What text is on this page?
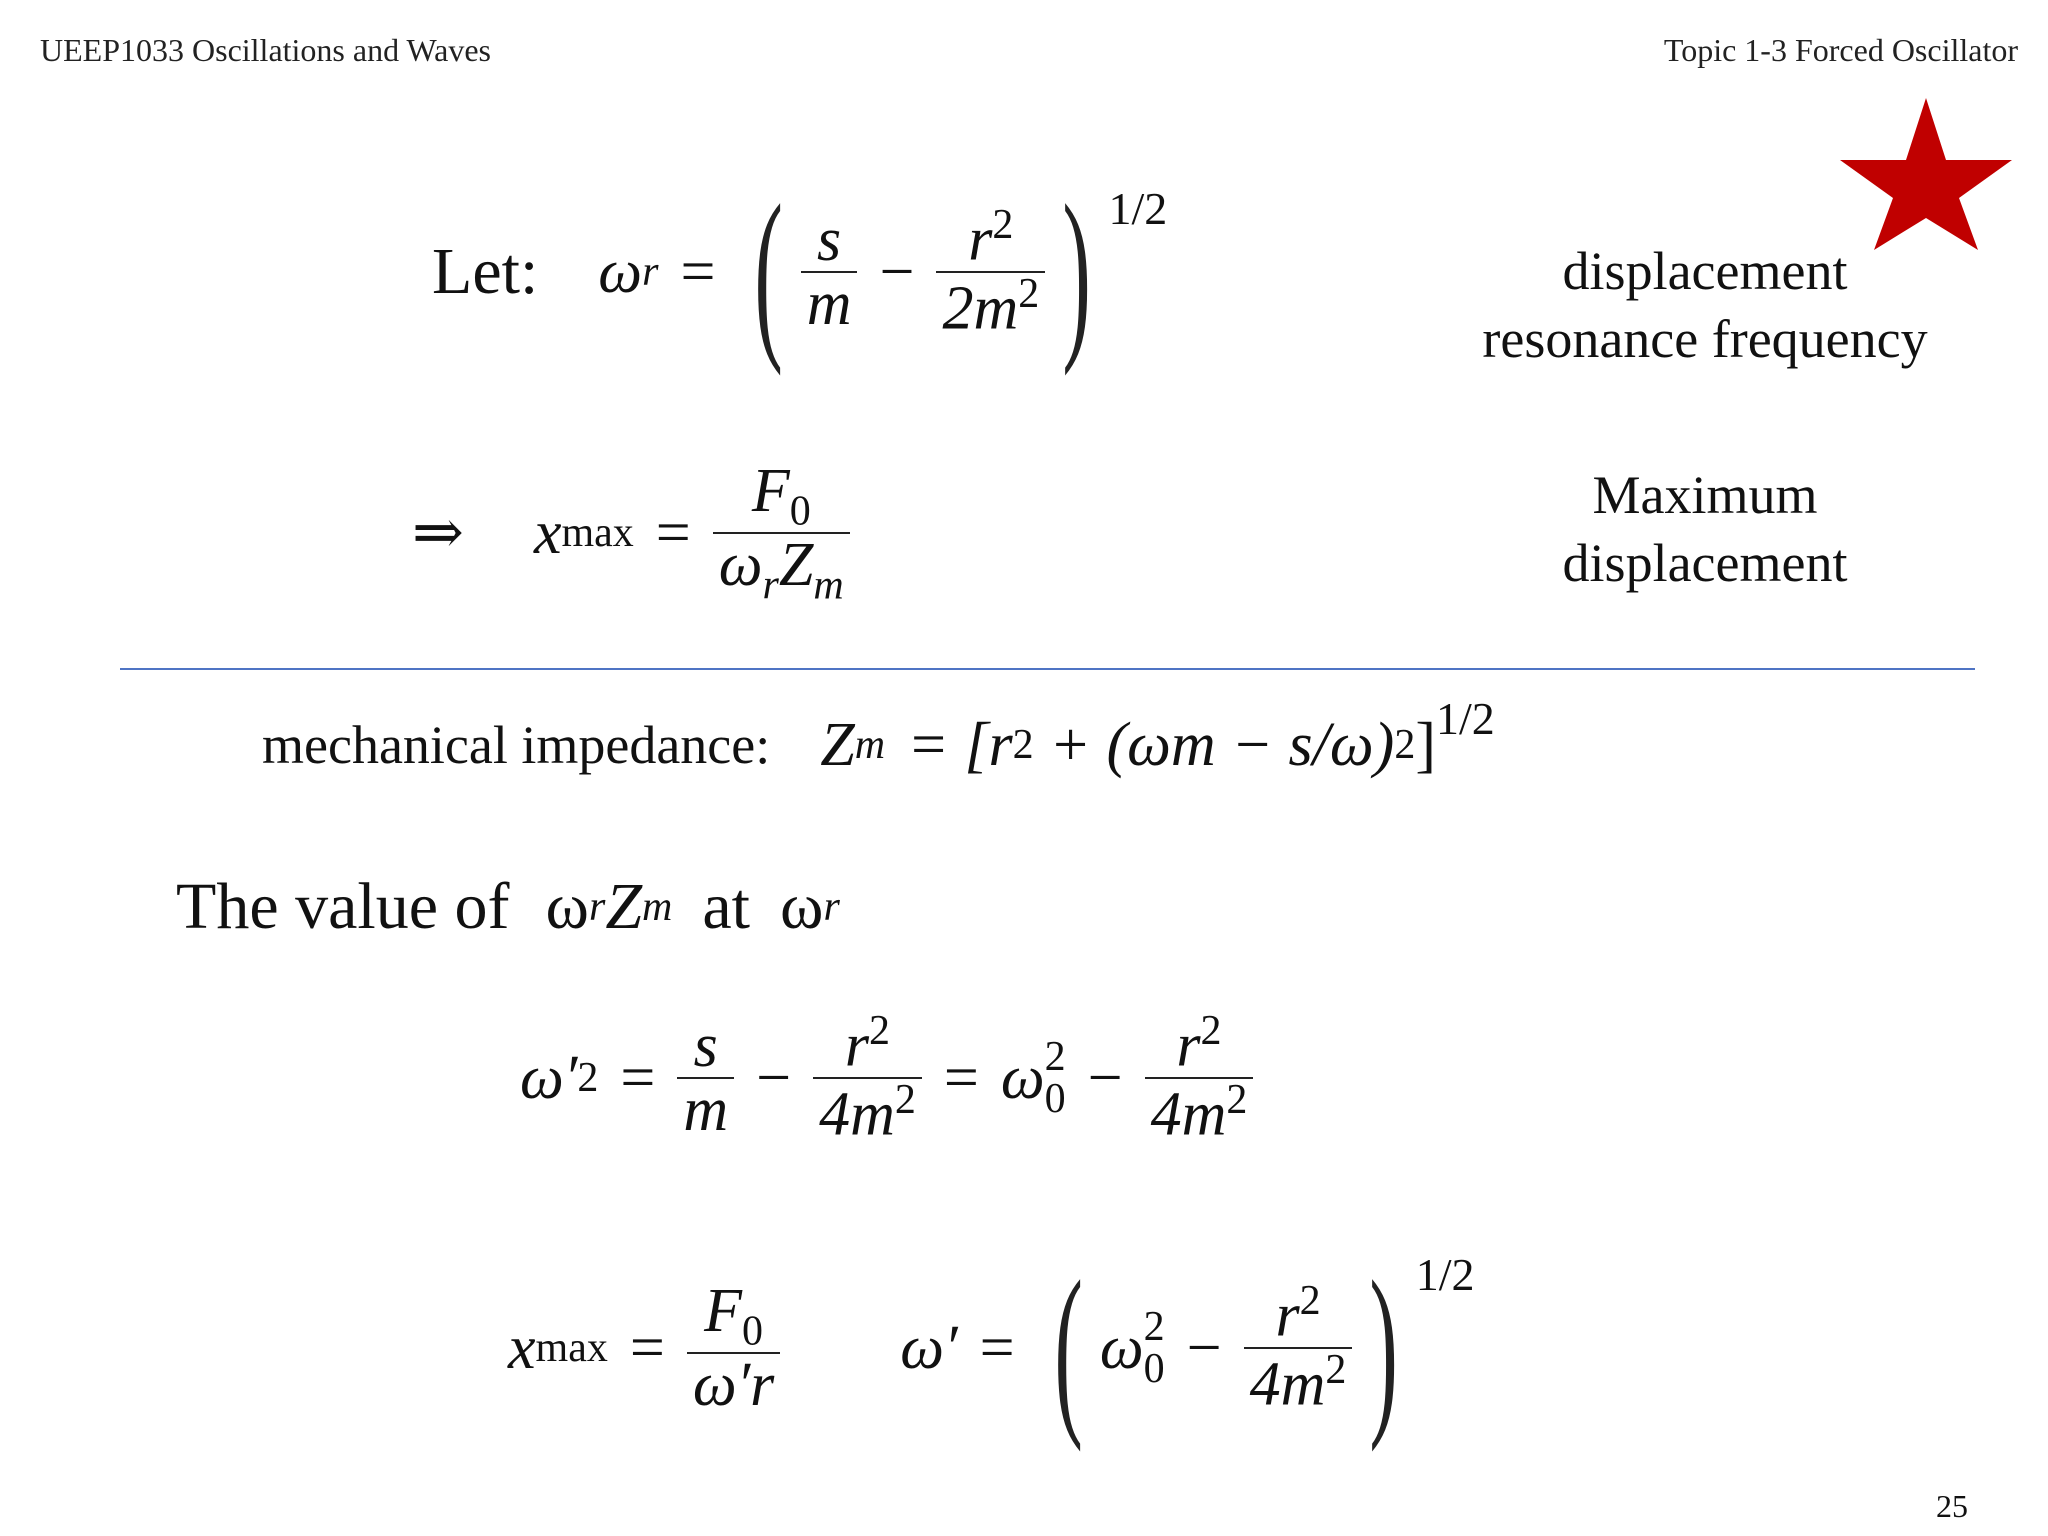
UEEP1033 Oscillations and Waves	Topic 1-3 Forced Oscillator
Let: ω r = ( $\frac{s}{m} - \frac{r^2}{2m^2}$ ) 1/2
displacement
resonance frequency
⇒ x $\max = \frac{F_0}{\omega_rZ_m}$	Maximum
displacement
mechanical impedance: Z m = [r 2 + (ωm − s/ω) 2 ] 1/2
The value of ω r Z m at ω r
ω′ $2 = \frac{s}{m} - \frac{r^2}{4m^2} = \omega$ 2
$0 - \frac{r^2}{4m^2}$
x $\max = \frac{F_0}{\omega'r} \omega'$ = ( ω 2
$0 - \frac{r^2}{4m^2}$ ) 1/2
25
